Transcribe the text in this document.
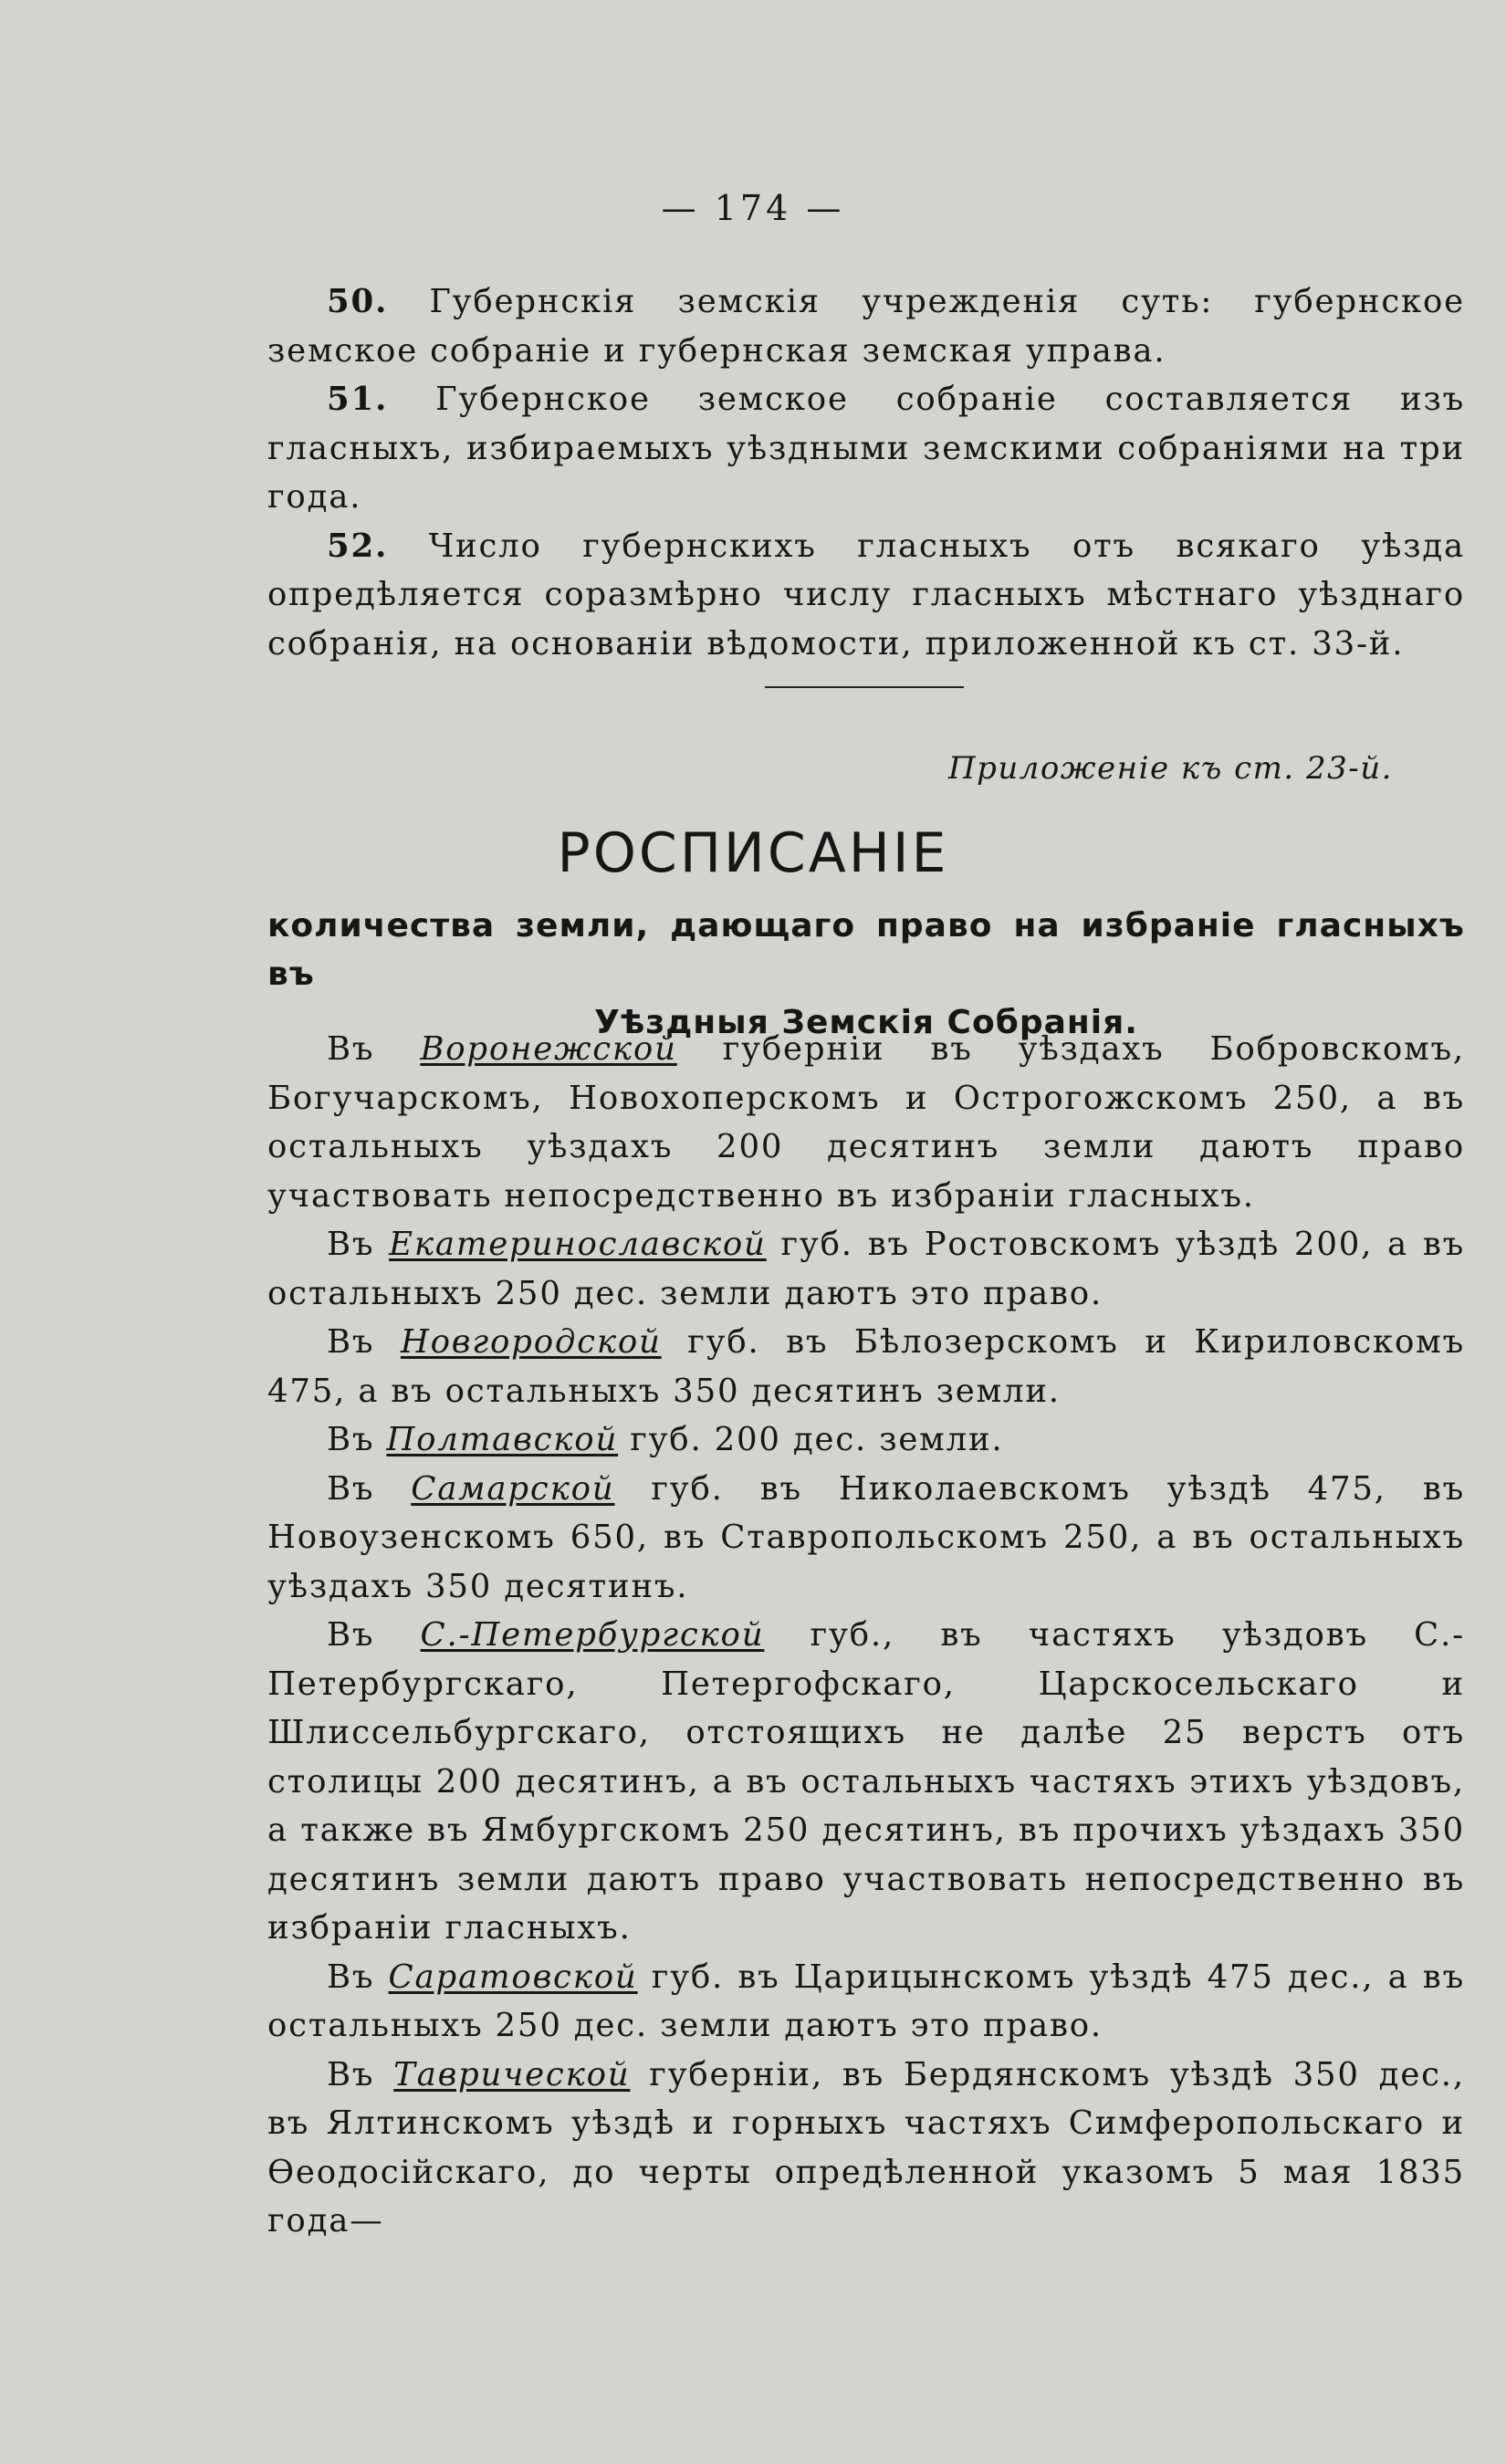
— 174 —

50. Губернскія земскія учрежденія суть: губернское земское собраніе и губернская земская управа.

51. Губернское земское собраніе составляется изъ гласныхъ, избираемыхъ уѣздными земскими собраніями на три года.

52. Число губернскихъ гласныхъ отъ всякаго уѣзда опредѣляется соразмѣрно числу гласныхъ мѣстнаго уѣзднаго собранія, на основаніи вѣдомости, приложенной къ ст. 33-й.

Приложеніе къ ст. 23-й.
РОСПИСАНІЕ
количества земли, дающаго право на избраніе гласныхъ въ
Уѣздныя Земскія Собранія.

Въ Воронежской губерніи въ уѣздахъ Бобровскомъ, Богучарскомъ, Новохоперскомъ и Острогожскомъ 250, а въ остальныхъ уѣздахъ 200 десятинъ земли даютъ право участвовать непосредственно въ избраніи гласныхъ.

Въ Екатеринославской губ. въ Ростовскомъ уѣздѣ 200, а въ остальныхъ 250 дес. земли даютъ это право.

Въ Новгородской губ. въ Бѣлозерскомъ и Кириловскомъ 475, а въ остальныхъ 350 десятинъ земли.

Въ Полтавской губ. 200 дес. земли.

Въ Самарской губ. въ Николаевскомъ уѣздѣ 475, въ Новоузенскомъ 650, въ Ставропольскомъ 250, а въ остальныхъ уѣздахъ 350 десятинъ.

Въ С.-Петербургской губ., въ частяхъ уѣздовъ С.-Петербургскаго, Петергофскаго, Царскосельскаго и Шлиссельбургскаго, отстоящихъ не далѣе 25 верстъ отъ столицы 200 десятинъ, а въ остальныхъ частяхъ этихъ уѣздовъ, а также въ Ямбургскомъ 250 десятинъ, въ прочихъ уѣздахъ 350 десятинъ земли даютъ право участвовать непосредственно въ избраніи гласныхъ.

Въ Саратовской губ. въ Царицынскомъ уѣздѣ 475 дес., а въ остальныхъ 250 дес. земли даютъ это право.

Въ Таврической губерніи, въ Бердянскомъ уѣздѣ 350 дес., въ Ялтинскомъ уѣздѣ и горныхъ частяхъ Симферопольскаго и Ѳеодосійскаго, до черты опредѣленной указомъ 5 мая 1835 года—
